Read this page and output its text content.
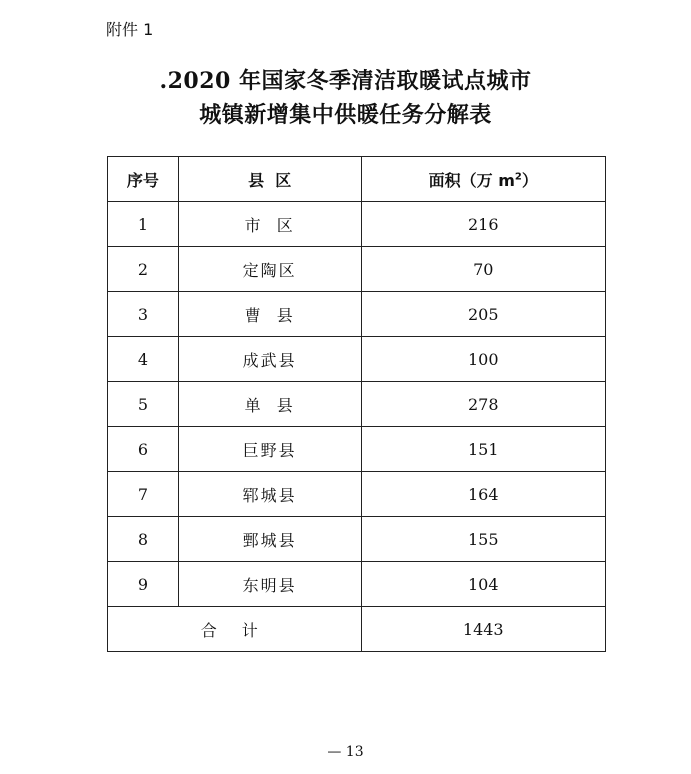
附件 1
.2020 年国家冬季清洁取暖试点城市
城镇新增集中供暖任务分解表
序号	县  区	面积（万 $m^2$）
1	市  区	216
2	定陶区	70
3	曹  县	205
4	成武县	100
5	单  县	278
6	巨野县	151
7	郓城县	164
8	鄄城县	155
9	东明县	104
合 计		1443
— 13
